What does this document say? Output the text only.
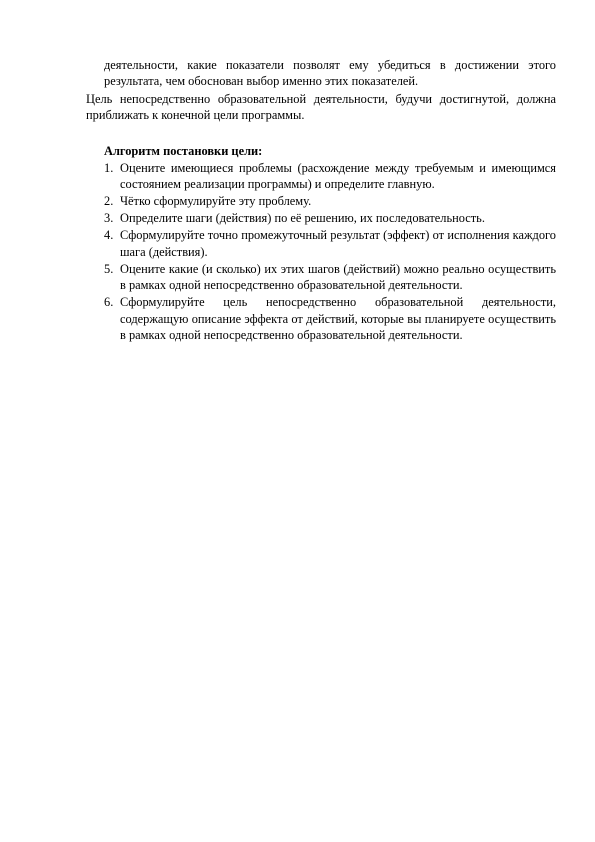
деятельности, какие показатели позволят ему убедиться в достижении этого результата, чем обоснован выбор именно этих показателей.
Цель непосредственно образовательной деятельности, будучи достигнутой, должна приближать к конечной цели программы.
Алгоритм постановки цели:
1. Оцените имеющиеся проблемы (расхождение между требуемым и имеющимся состоянием реализации программы) и определите главную.
2. Чётко сформулируйте эту проблему.
3. Определите шаги (действия) по её решению, их последовательность.
4. Сформулируйте точно промежуточный результат (эффект) от исполнения каждого шага (действия).
5. Оцените какие (и сколько) их этих шагов (действий) можно реально осуществить в рамках одной непосредственно образовательной деятельности.
6. Сформулируйте цель непосредственно образовательной деятельности, содержащую описание эффекта от действий, которые вы планируете осуществить в рамках одной непосредственно образовательной деятельности.
